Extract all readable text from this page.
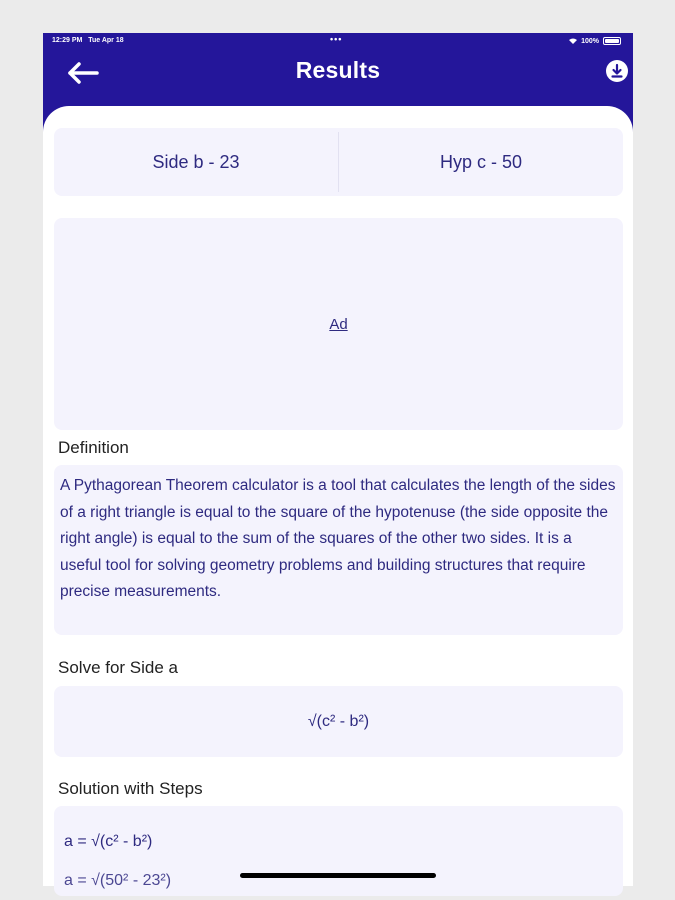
12:29 PM Tue Apr 18	•••	100%
Results
Side b - 23	Hyp c - 50
Ad
Definition
A Pythagorean Theorem calculator is a tool that calculates the length of the sides of a right triangle is equal to the square of the hypotenuse (the side opposite the right angle) is equal to the sum of the squares of the other two sides. It is a useful tool for solving geometry problems and building structures that require precise measurements.
Solve for Side a
√(c² - b²)
Solution with Steps
a = √(c² - b²)
a = √(50² - 23²)
